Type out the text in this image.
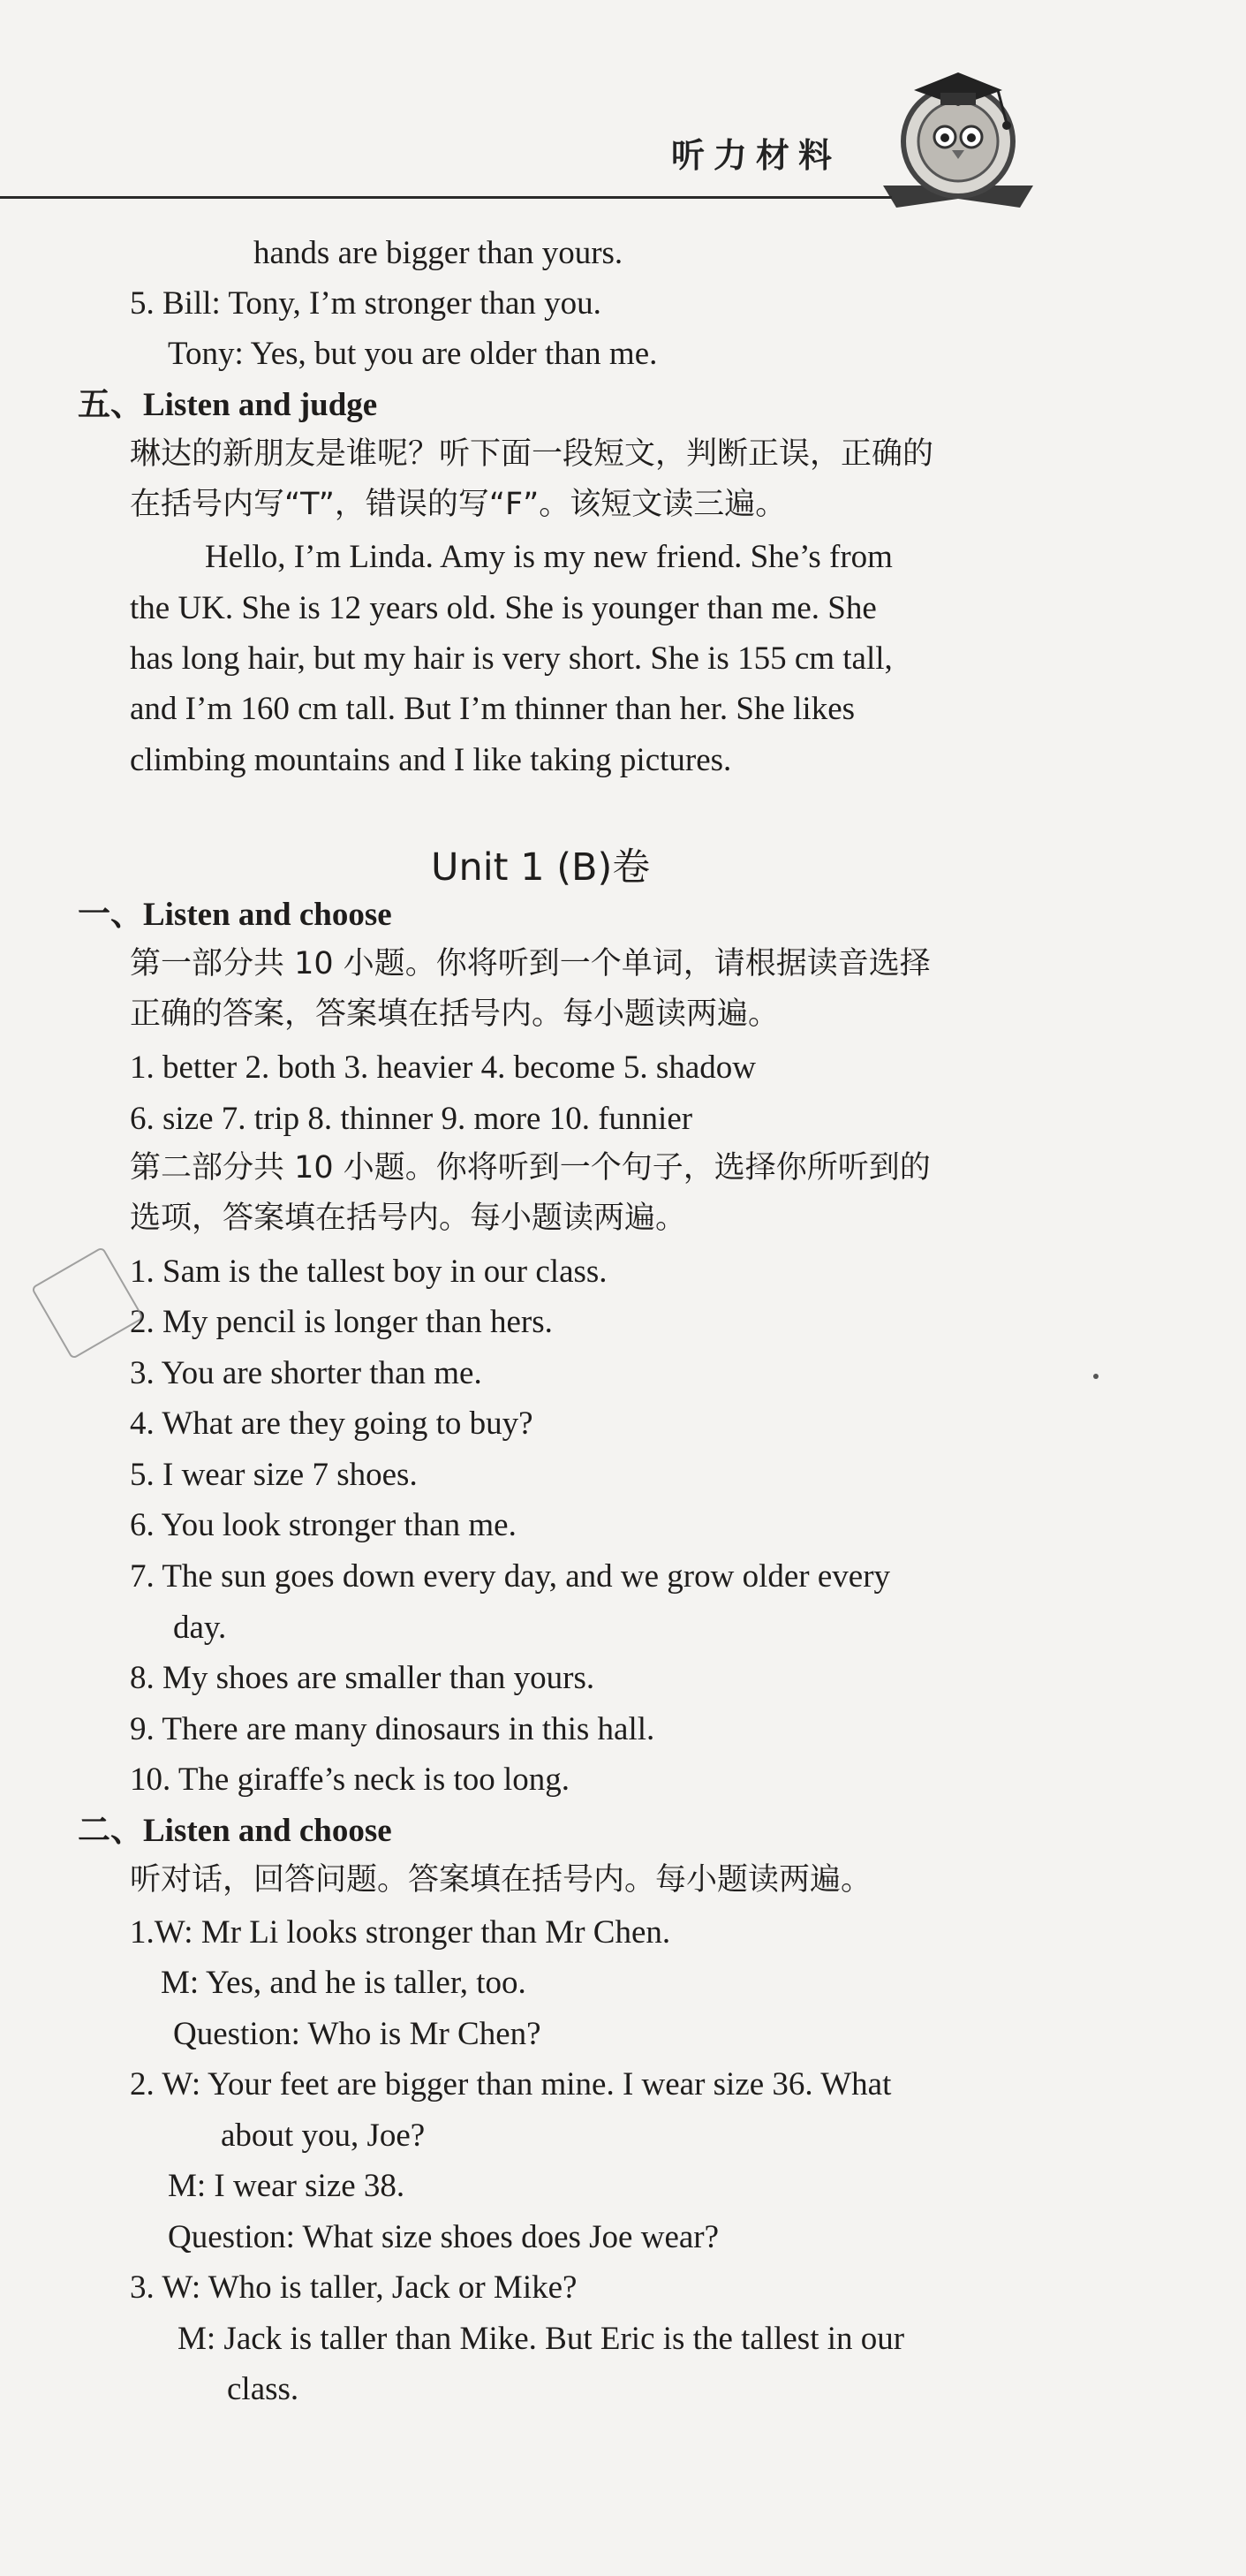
听力材料
hands are bigger than yours.
5. Bill: Tony, I’m stronger than you.
Tony: Yes, but you are older than me.
五、Listen and judge
琳达的新朋友是谁呢？听下面一段短文，判断正误，正确的
在括号内写“T”，错误的写“F”。该短文读三遍。
Hello, I’m Linda. Amy is my new friend. She’s from
the UK. She is 12 years old. She is younger than me. She
has long hair, but my hair is very short. She is 155 cm tall,
and I’m 160 cm tall. But I’m thinner than her. She likes
climbing mountains and I like taking pictures.
一、Listen and choose
第一部分共 10 小题。你将听到一个单词，请根据读音选择
正确的答案，答案填在括号内。每小题读两遍。
1. better 2. both 3. heavier 4. become 5. shadow
6. size 7. trip 8. thinner 9. more 10. funnier
第二部分共 10 小题。你将听到一个句子，选择你所听到的
选项，答案填在括号内。每小题读两遍。
1. Sam is the tallest boy in our class.
2. My pencil is longer than hers.
3. You are shorter than me.
4. What are they going to buy?
5. I wear size 7 shoes.
6. You look stronger than me.
7. The sun goes down every day, and we grow older every
day.
8. My shoes are smaller than yours.
9. There are many dinosaurs in this hall.
10. The giraffe’s neck is too long.
二、Listen and choose
听对话，回答问题。答案填在括号内。每小题读两遍。
1.W: Mr Li looks stronger than Mr Chen.
M: Yes, and he is taller, too.
Question: Who is Mr Chen?
2. W: Your feet are bigger than mine. I wear size 36. What
about you, Joe?
M: I wear size 38.
Question: What size shoes does Joe wear?
3. W: Who is taller, Jack or Mike?
M: Jack is taller than Mike. But Eric is the tallest in our
class.
Unit 1 (B)卷
